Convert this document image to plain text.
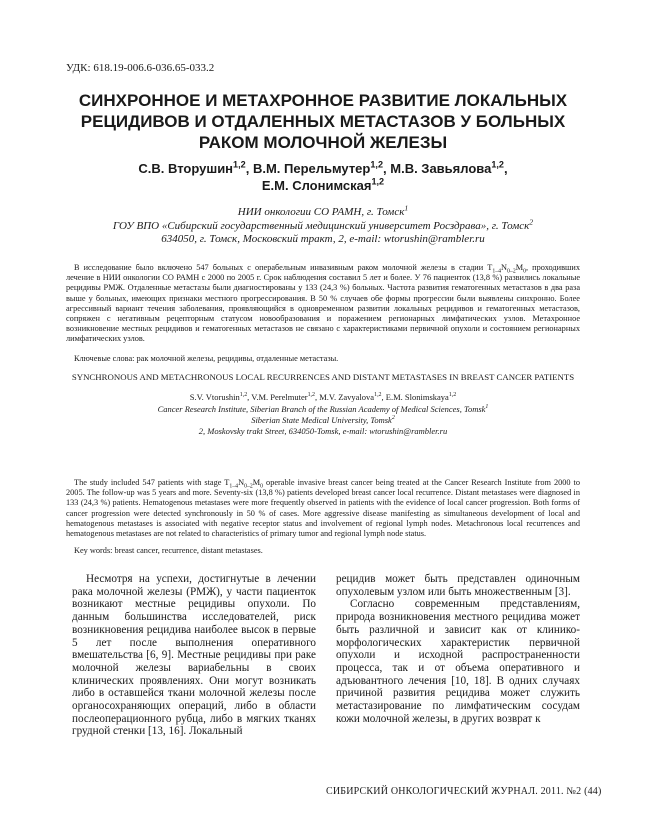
УДК: 618.19-006.6-036.65-033.2
СИНХРОННОЕ И МЕТАХРОННОЕ РАЗВИТИЕ ЛОКАЛЬНЫХ
РЕЦИДИВОВ И ОТДАЛЕННЫХ МЕТАСТАЗОВ У БОЛЬНЫХ
РАКОМ МОЛОЧНОЙ ЖЕЛЕЗЫ
С.В. Вторушин$^{1,2}$, В.М. Перельмутер$^{1,2}$, М.В. Завьялова$^{1,2}$,
Е.М. Слонимская$^{1,2}$
НИИ онкологии СО РАМН, г. Томск$^1$
ГОУ ВПО «Сибирский государственный медицинский университет Росздрава», г. Томск$^2$
634050, г. Томск, Московский тракт, 2, e-mail: wtorushin@rambler.ru
В исследование было включено 547 больных с операбельным инвазивным раком молочной железы в стадии $T_{1-4}N_{0-2}M_0$, проходивших лечение в НИИ онкологии СО РАМН с 2000 по 2005 г. Срок наблюдения составил 5 лет и более. У 76 пациенток (13,8 %) развились локальные рецидивы РМЖ. Отдаленные метастазы были диагностированы у 133 (24,3 %) больных. Частота развития гематогенных метастазов в два раза выше у больных, имеющих признаки местного прогрессирования. В 50 % случаев обе формы прогрессии были выявлены синхронно. Более агрессивный вариант течения заболевания, проявляющийся в одновременном развитии локальных рецидивов и гематогенных метастазов, сопряжен с негативным рецепторным статусом новообразования и поражением регионарных лимфатических узлов. Метахронное возникновение местных рецидивов и гематогенных метастазов не связано с характеристиками первичной опухоли и состоянием регионарных лимфатических узлов.
Ключевые слова: рак молочной железы, рецидивы, отдаленные метастазы.
SYNCHRONOUS AND METACHRONOUS LOCAL RECURRENCES AND DISTANT METASTASES IN BREAST CANCER PATIENTS
S.V. Vtorushin$^{1,2}$, V.M. Perelmuter$^{1,2}$, M.V. Zavyalova$^{1,2}$, E.M. Slonimskaya$^{1,2}$
Cancer Research Institute, Siberian Branch of the Russian Academy of Medical Sciences, Tomsk$^1$
Siberian State Medical University, Tomsk$^2$
2, Moskovsky trakt Street, 634050-Tomsk, e-mail: wtorushin@rambler.ru
The study included 547 patients with stage $T_{1-4}N_{0-2}M_0$ operable invasive breast cancer being treated at the Cancer Research Institute from 2000 to 2005. The follow-up was 5 years and more. Seventy-six (13,8 %) patients developed breast cancer local recurrence. Distant metastases were diagnosed in 133 (24,3 %) patients. Hematogenous metastases were more frequently observed in patients with the evidence of local cancer progression. Both forms of cancer progression were detected synchronously in 50 % of cases. More aggressive disease manifesting as simultaneous development of local and hematogenous metastases is associated with negative receptor status and involvement of regional lymph nodes. Metachronous local recurrences and hematogenous metastases are not related to characteristics of primary tumor and regional lymph node status.
Key words: breast cancer, recurrence, distant metastases.

Несмотря на успехи, достигнутые в лечении рака молочной железы (РМЖ), у части пациенток возникают местные рецидивы опухоли. По данным большинства исследователей, риск возникновения рецидива наиболее высок в первые 5 лет после выполнения оперативного вмешательства [6, 9]. Местные рецидивы при раке молочной железы вариабельны в своих клинических проявлениях. Они могут возникать либо в оставшейся ткани молочной железы после органосохраняющих операций, либо в области послеоперационного рубца, либо в мягких тканях грудной стенки [13, 16]. Локальный

рецидив может быть представлен одиночным опухолевым узлом или быть множественным [3].

Согласно современным представлениям, природа возникновения местного рецидива может быть различной и зависит как от клинико-морфологических характеристик первичной опухоли и исходной распространенности процесса, так и от объема оперативного и адъювантного лечения [10, 18]. В одних случаях причиной развития рецидива может служить метастазирование по лимфатическим сосудам кожи молочной железы, в других возврат к

СИБИРСКИЙ ОНКОЛОГИЧЕСКИЙ ЖУРНАЛ. 2011. №2 (44)
